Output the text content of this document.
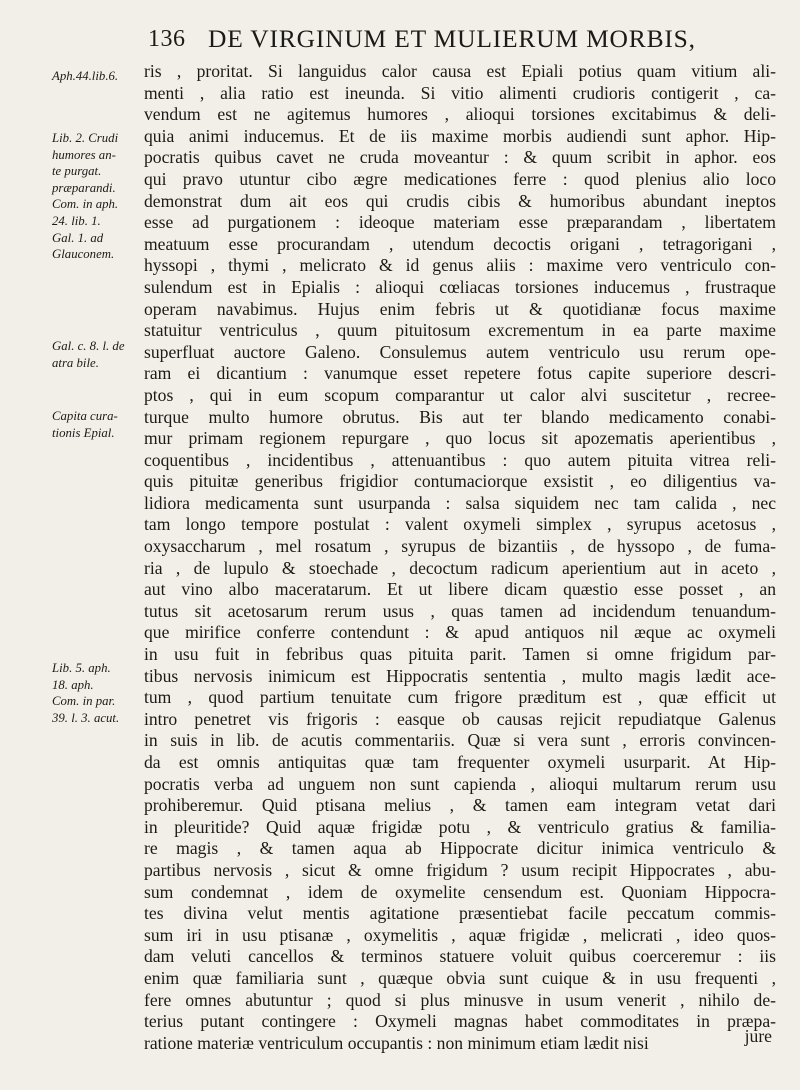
136 DE VIRGINUM ET MULIERUM MORBIS,
Aph.44.lib.6.
Lib. 2. Crudi
humores an-
te purgat.
præparandi.
Com. in aph.
24. lib. 1.
Gal. 1. ad
Glauconem.
Gal. c. 8. l. de
atra bile.
Capita cura-
tionis Epial.
Lib. 5. aph.
18. aph.
Com. in par.
39. l. 3. acut.
ris , proritat. Si languidus calor causa est Epiali potius quam vitium ali-
menti , alia ratio est ineunda. Si vitio alimenti crudioris contigerit , ca-
vendum est ne agitemus humores , alioqui torsiones excitabimus & deli-
quia animi inducemus. Et de iis maxime morbis audiendi sunt aphor. Hip-
pocratis quibus cavet ne cruda moveantur : & quum scribit in aphor. eos
qui pravo utuntur cibo ægre medicationes ferre : quod plenius alio loco
demonstrat dum ait eos qui crudis cibis & humoribus abundant ineptos
esse ad purgationem : ideoque materiam esse præparandam , libertatem
meatuum esse procurandam , utendum decoctis origani , tetragorigani ,
hyssopi , thymi , melicrato & id genus aliis : maxime vero ventriculo con-
sulendum est in Epialis : alioqui cœliacas torsiones inducemus , frustraque
operam navabimus. Hujus enim febris ut & quotidianæ focus maxime
statuitur ventriculus , quum pituitosum excrementum in ea parte maxime
superfluat auctore Galeno. Consulemus autem ventriculo usu rerum ope-
ram ei dicantium : vanumque esset repetere fotus capite superiore descri-
ptos , qui in eum scopum comparantur ut calor alvi suscitetur , recree-
turque multo humore obrutus. Bis aut ter blando medicamento conabi-
mur primam regionem repurgare , quo locus sit apozematis aperientibus ,
coquentibus , incidentibus , attenuantibus : quo autem pituita vitrea reli-
quis pituitæ generibus frigidior contumaciorque exsistit , eo diligentius va-
lidiora medicamenta sunt usurpanda : salsa siquidem nec tam calida , nec
tam longo tempore postulat : valent oxymeli simplex , syrupus acetosus ,
oxysaccharum , mel rosatum , syrupus de bizantiis , de hyssopo , de fuma-
ria , de lupulo & stoechade , decoctum radicum aperientium aut in aceto ,
aut vino albo maceratarum. Et ut libere dicam quæstio esse posset , an
tutus sit acetosarum rerum usus , quas tamen ad incidendum tenuandum-
que mirifice conferre contendunt : & apud antiquos nil æque ac oxymeli
in usu fuit in febribus quas pituita parit. Tamen si omne frigidum par-
tibus nervosis inimicum est Hippocratis sententia , multo magis lædit ace-
tum , quod partium tenuitate cum frigore præditum est , quæ efficit ut
intro penetret vis frigoris : easque ob causas rejicit repudiatque Galenus
in suis in lib. de acutis commentariis. Quæ si vera sunt , erroris convincen-
da est omnis antiquitas quæ tam frequenter oxymeli usurparit. At Hip-
pocratis verba ad unguem non sunt capienda , alioqui multarum rerum usu
prohiberemur. Quid ptisana melius , & tamen eam integram vetat dari
in pleuritide? Quid aquæ frigidæ potu , & ventriculo gratius & familia-
re magis , & tamen aqua ab Hippocrate dicitur inimica ventriculo &
partibus nervosis , sicut & omne frigidum ? usum recipit Hippocrates , abu-
sum condemnat , idem de oxymelite censendum est. Quoniam Hippocra-
tes divina velut mentis agitatione præsentiebat facile peccatum commis-
sum iri in usu ptisanæ , oxymelitis , aquæ frigidæ , melicrati , ideo quos-
dam veluti cancellos & terminos statuere voluit quibus coerceremur : iis
enim quæ familiaria sunt , quæque obvia sunt cuique & in usu frequenti ,
fere omnes abutuntur ; quod si plus minusve in usum venerit , nihilo de-
terius putant contingere : Oxymeli magnas habet commoditates in præpa-
ratione materiæ ventriculum occupantis : non minimum etiam lædit nisi	jure
